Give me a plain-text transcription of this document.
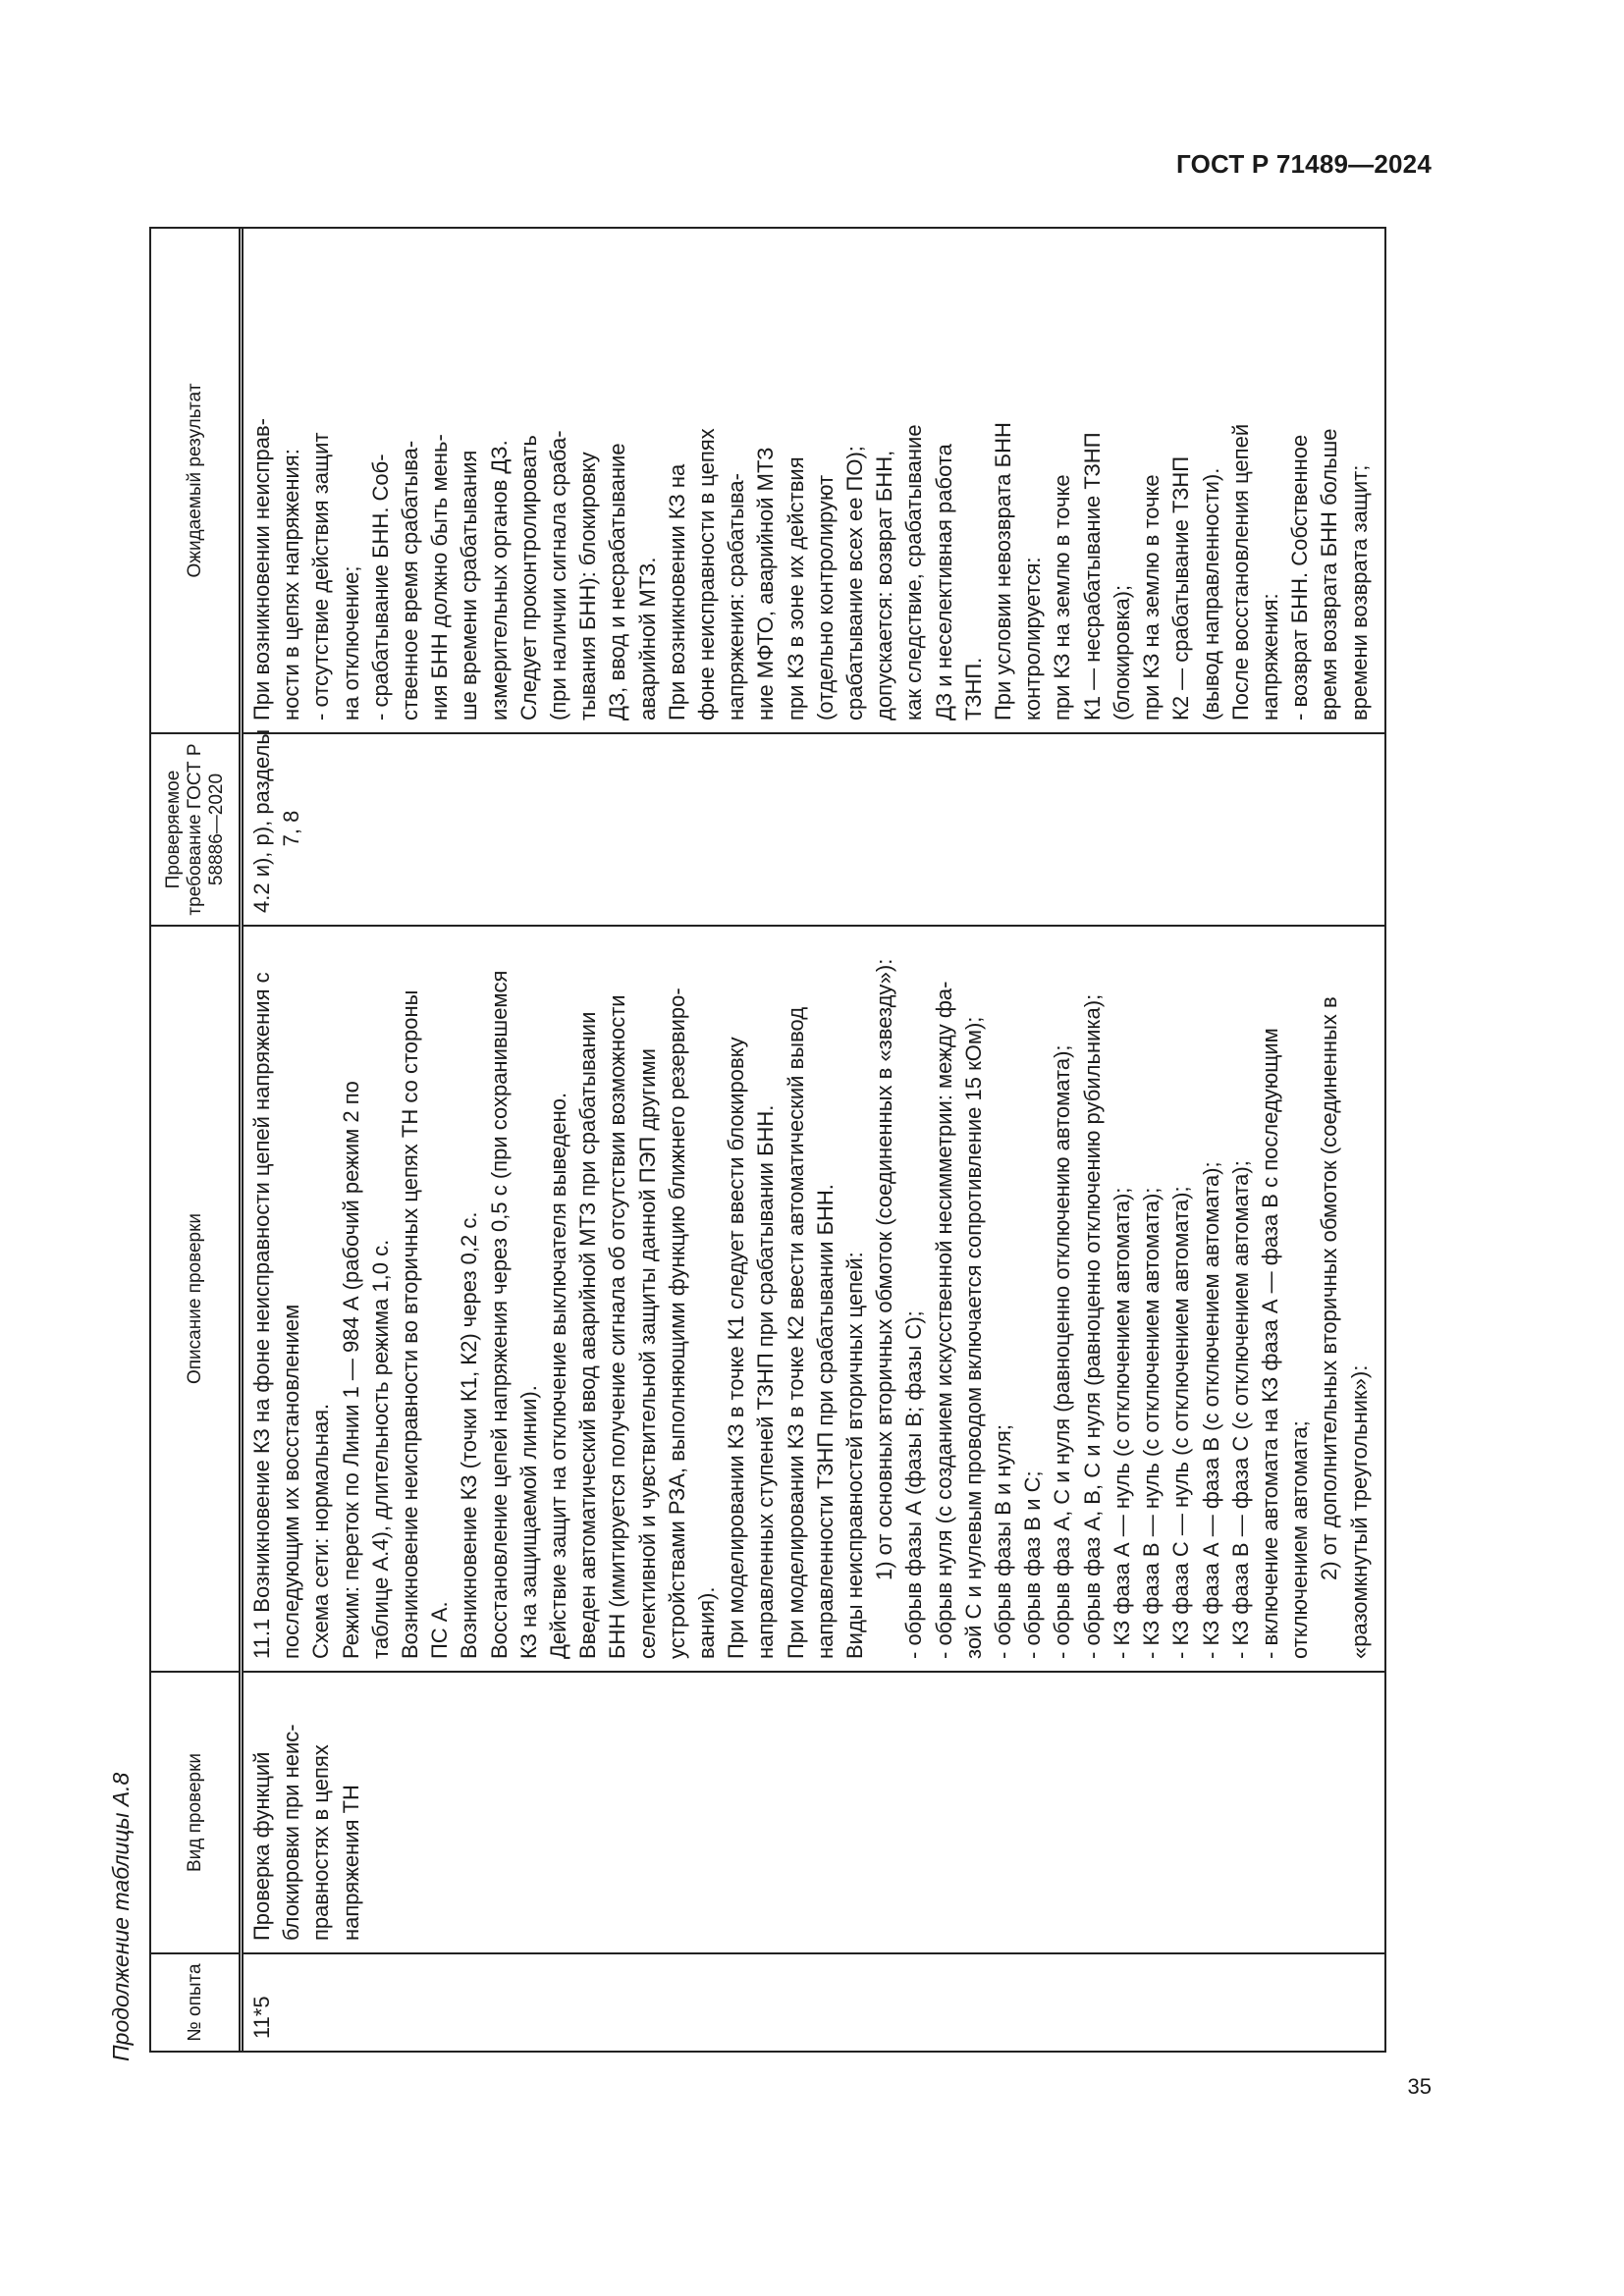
ГОСТ Р 71489—2024
Продолжение таблицы А.8	№ опыта
Вид проверки
Описание проверки
Проверяемое требование ГОСТ Р 58886—2020
Ожидаемый результат
11*5
Проверка функций блокировки при неис- правностях в цепях напряжения ТН
11.1 Возникновение КЗ на фоне неисправности цепей напряжения с последующим их восстановлением Схема сети: нормальная. Режим: переток по Линии 1 — 984 А (рабочий режим 2 по таблице А.4), длительность режима 1,0 с. Возникновение неисправности во вторичных цепях ТН со стороны ПС А. Возникновение КЗ (точки К1, К2) через 0,2 с. Восстановление цепей напряжения через 0,5 с (при сохранившемся КЗ на защищаемой линии). Действие защит на отключение выключателя выведено. Введен автоматический ввод аварийной МТЗ при срабатывании БНН (имитируется получение сигнала об отсутствии возможности селективной и чувствительной защиты данной ПЭП другими устройствами РЗА, выполняющими функцию ближнего резервиро- вания). При моделировании КЗ в точке К1 следует ввести блокировку направленных ступеней ТЗНП при срабатывании БНН. При моделировании КЗ в точке К2 ввести автоматический вывод направленности ТЗНП при срабатывании БНН. Виды неисправностей вторичных цепей: 1) от основных вторичных обмоток (соединенных в «звезду»): - обрыв фазы А (фазы В; фазы С); - обрыв нуля (с созданием искусственной несимметрии: между фа- зой С и нулевым проводом включается сопротивление 15 кОм); - обрыв фазы В и нуля; - обрыв фаз В и С; - обрыв фаз А, С и нуля (равноценно отключению автомата); - обрыв фаз А, В, С и нуля (равноценно отключению рубильника); - КЗ фаза А — нуль (с отключением автомата); - КЗ фаза В — нуль (с отключением автомата); - КЗ фаза С — нуль (с отключением автомата); - КЗ фаза А — фаза В (с отключением автомата); - КЗ фаза В — фаза С (с отключением автомата); - включение автомата на КЗ фаза А — фаза В с последующим отключением автомата; 2) от дополнительных вторичных обмоток (соединенных в «разомкнутый треугольник»):
4.2 и), р), разделы 7, 8
При возникновении неиспрaв- ности в цепях напряжения: - отсутствие действия защит на отключение; - срабатывание БНН. Соб- ственное время срабатыва- ния БНН должно быть мень- ше времени срабатывания измерительных органов ДЗ. Следует проконтролировать (при наличии сигнала сраба- тывания БНН): блокировку ДЗ, ввод и несрабатывание аварийной МТЗ. При возникновении КЗ на фоне неисправности в цепях напряжения: срабатыва- ние МФТО, аварийной МТЗ при КЗ в зоне их действия (отдельно контролируют срабатывание всех ее ПО); допускается: возврат БНН, как следствие, срабатывание ДЗ и неселективная работа ТЗНП. При условии невозврата БНН контролируется: при КЗ на землю в точке К1 — несрабатывание ТЗНП (блокировка); при КЗ на землю в точке К2 — срабатывание ТЗНП (вывод направленности). После восстановления цепей напряжения: - возврат БНН. Собственное время возврата БНН больше времени возврата защит;
35
